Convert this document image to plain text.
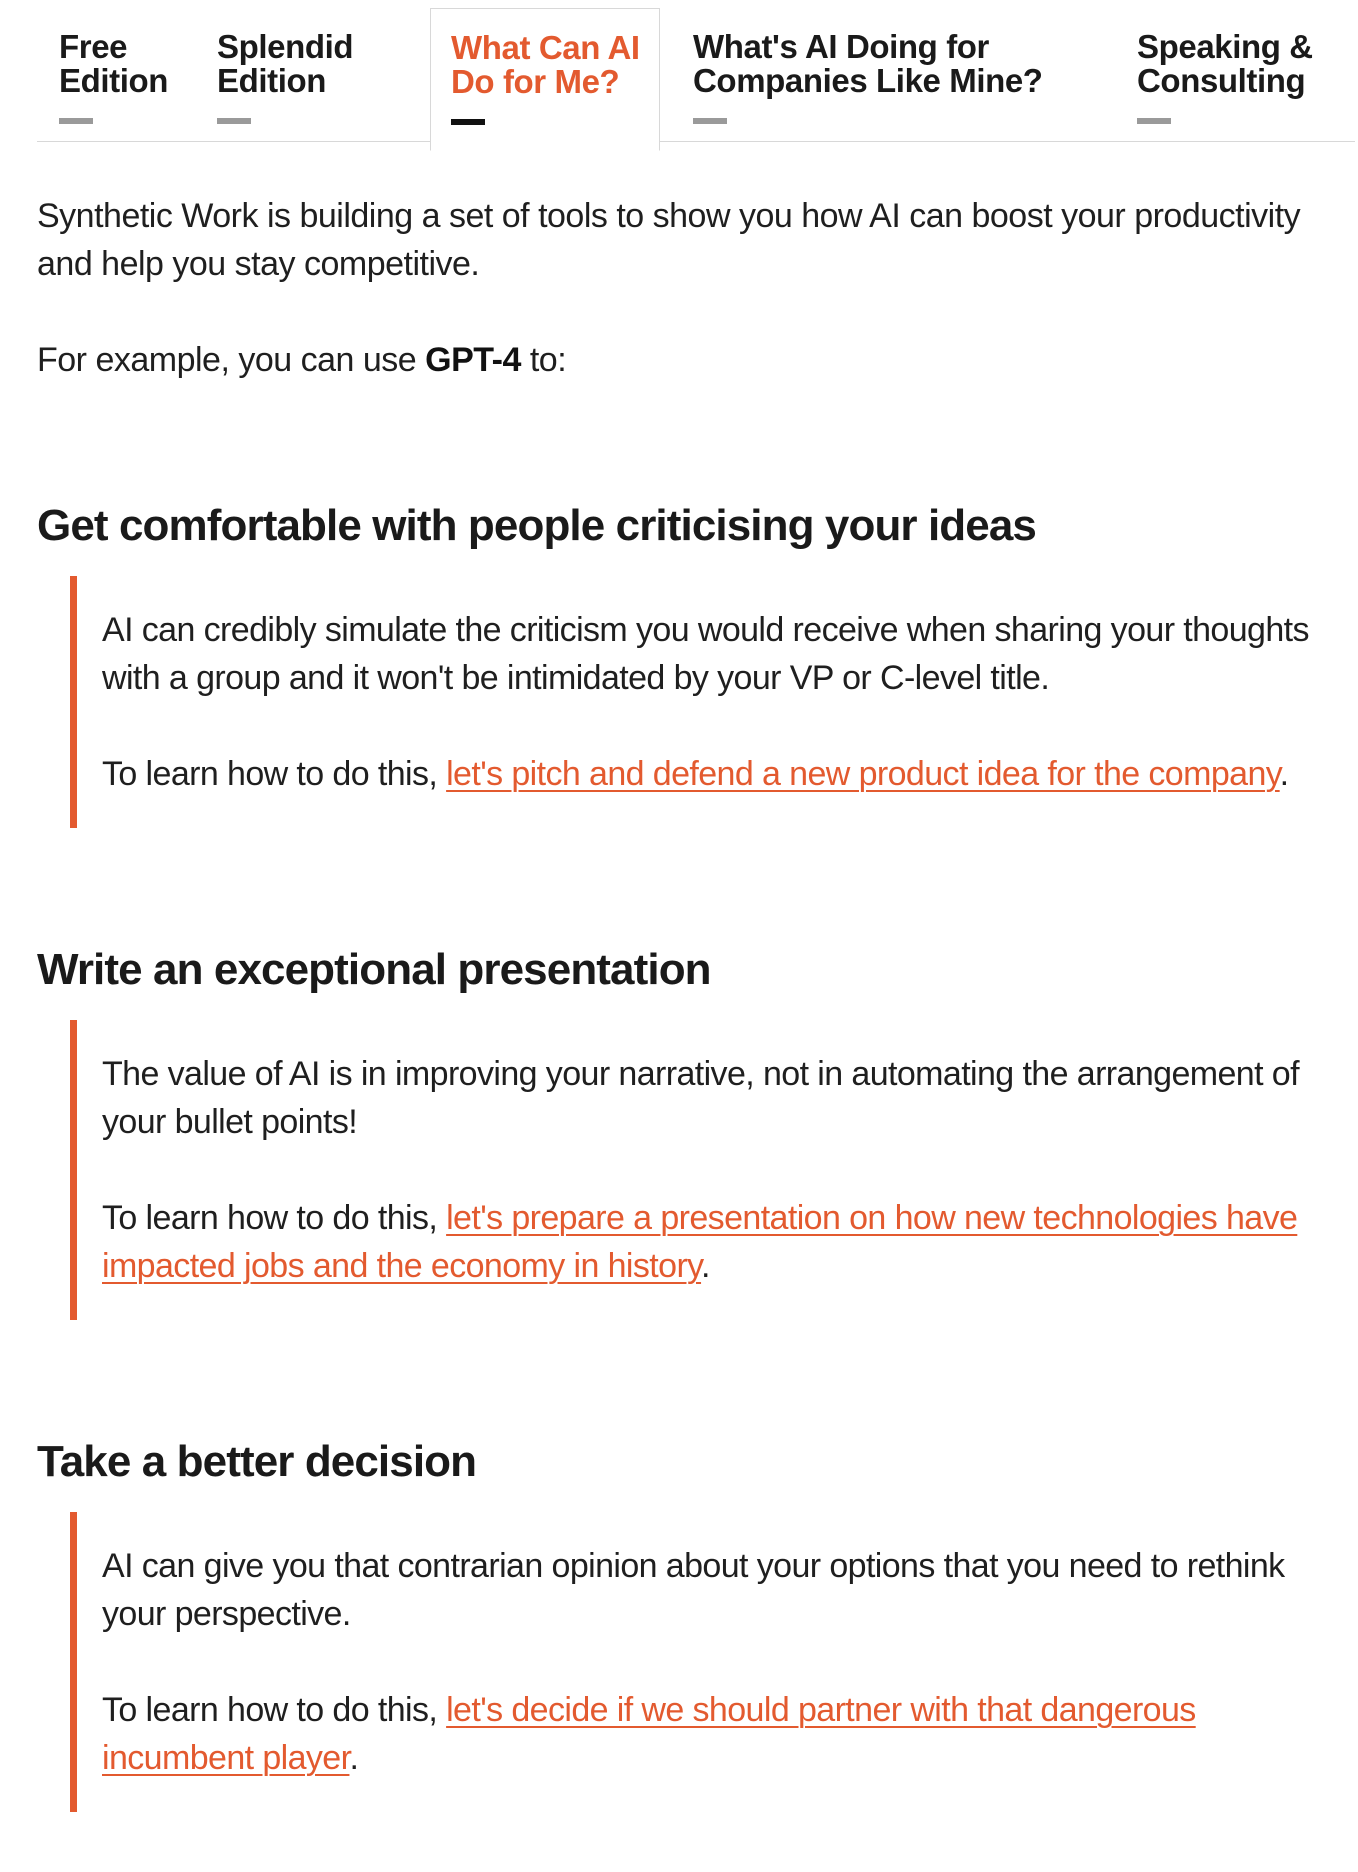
Free
Edition
Splendid
Edition
What Can AI
Do for Me?
What's AI Doing for
Companies Like Mine?
Speaking &
Consulting

Synthetic Work is building a set of tools to show you how AI can boost your productivity and help you stay competitive.

For example, you can use GPT-4 to:

Get comfortable with people criticising your ideas

AI can credibly simulate the criticism you would receive when sharing your thoughts with a group and it won't be intimidated by your VP or C-level title.

To learn how to do this, let's pitch and defend a new product idea for the company.

Write an exceptional presentation

The value of AI is in improving your narrative, not in automating the arrangement of your bullet points!

To learn how to do this, let's prepare a presentation on how new technologies have impacted jobs and the economy in history.

Take a better decision

AI can give you that contrarian opinion about your options that you need to rethink your perspective.

To learn how to do this, let's decide if we should partner with that dangerous incumbent player.
